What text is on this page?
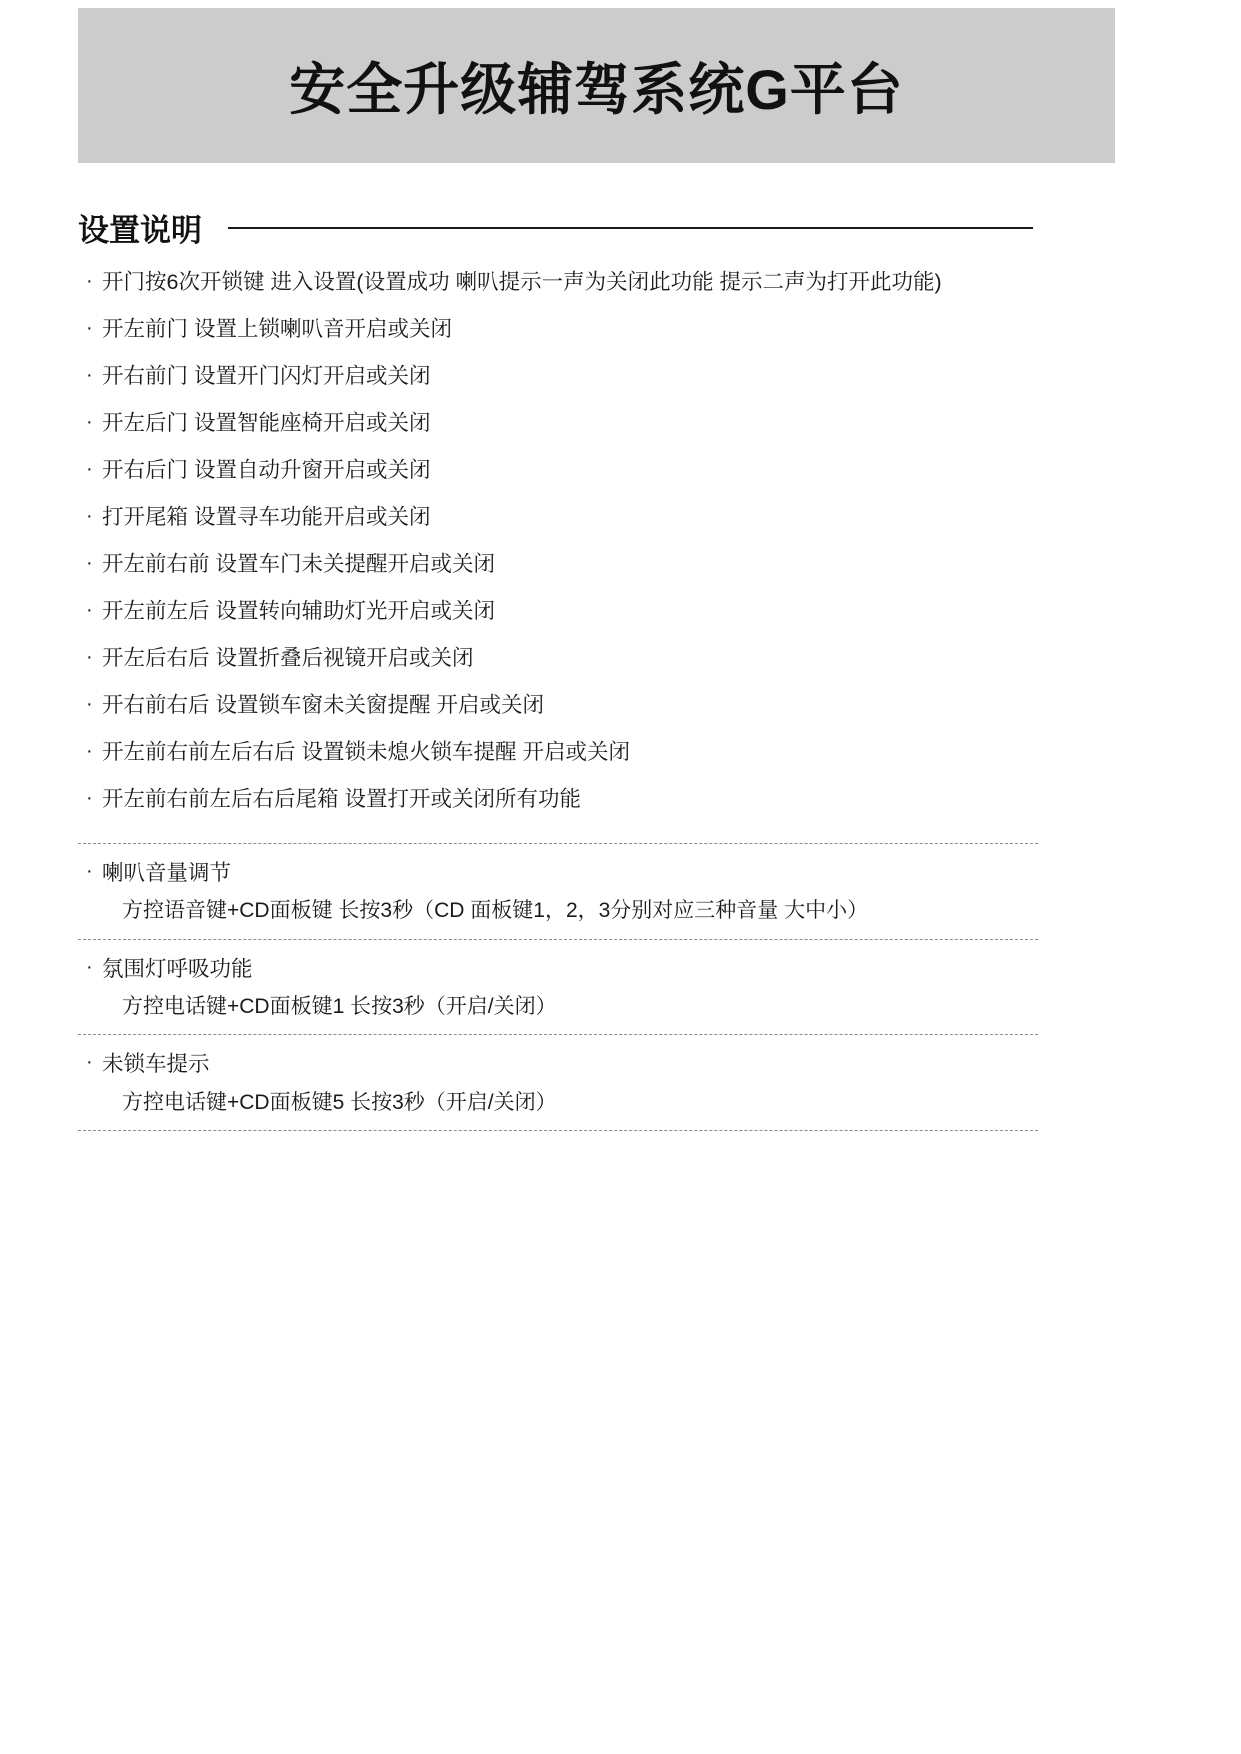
安全升级辅驾系统G平台
设置说明
· 开门按6次开锁键 进入设置(设置成功 喇叭提示一声为关闭此功能 提示二声为打开此功能)
· 开左前门 设置上锁喇叭音开启或关闭
· 开右前门 设置开门闪灯开启或关闭
· 开左后门 设置智能座椅开启或关闭
· 开右后门 设置自动升窗开启或关闭
· 打开尾箱 设置寻车功能开启或关闭
· 开左前右前 设置车门未关提醒开启或关闭
· 开左前左后 设置转向辅助灯光开启或关闭
· 开左后右后 设置折叠后视镜开启或关闭
· 开右前右后 设置锁车窗未关窗提醒 开启或关闭
· 开左前右前左后右后 设置锁未熄火锁车提醒 开启或关闭
· 开左前右前左后右后尾箱 设置打开或关闭所有功能
· 喇叭音量调节
方控语音键+CD面板键 长按3秒（CD 面板键1，2，3分别对应三种音量 大中小）
· 氛围灯呼吸功能
方控电话键+CD面板键1 长按3秒（开启/关闭）
· 未锁车提示
方控电话键+CD面板键5 长按3秒（开启/关闭）
